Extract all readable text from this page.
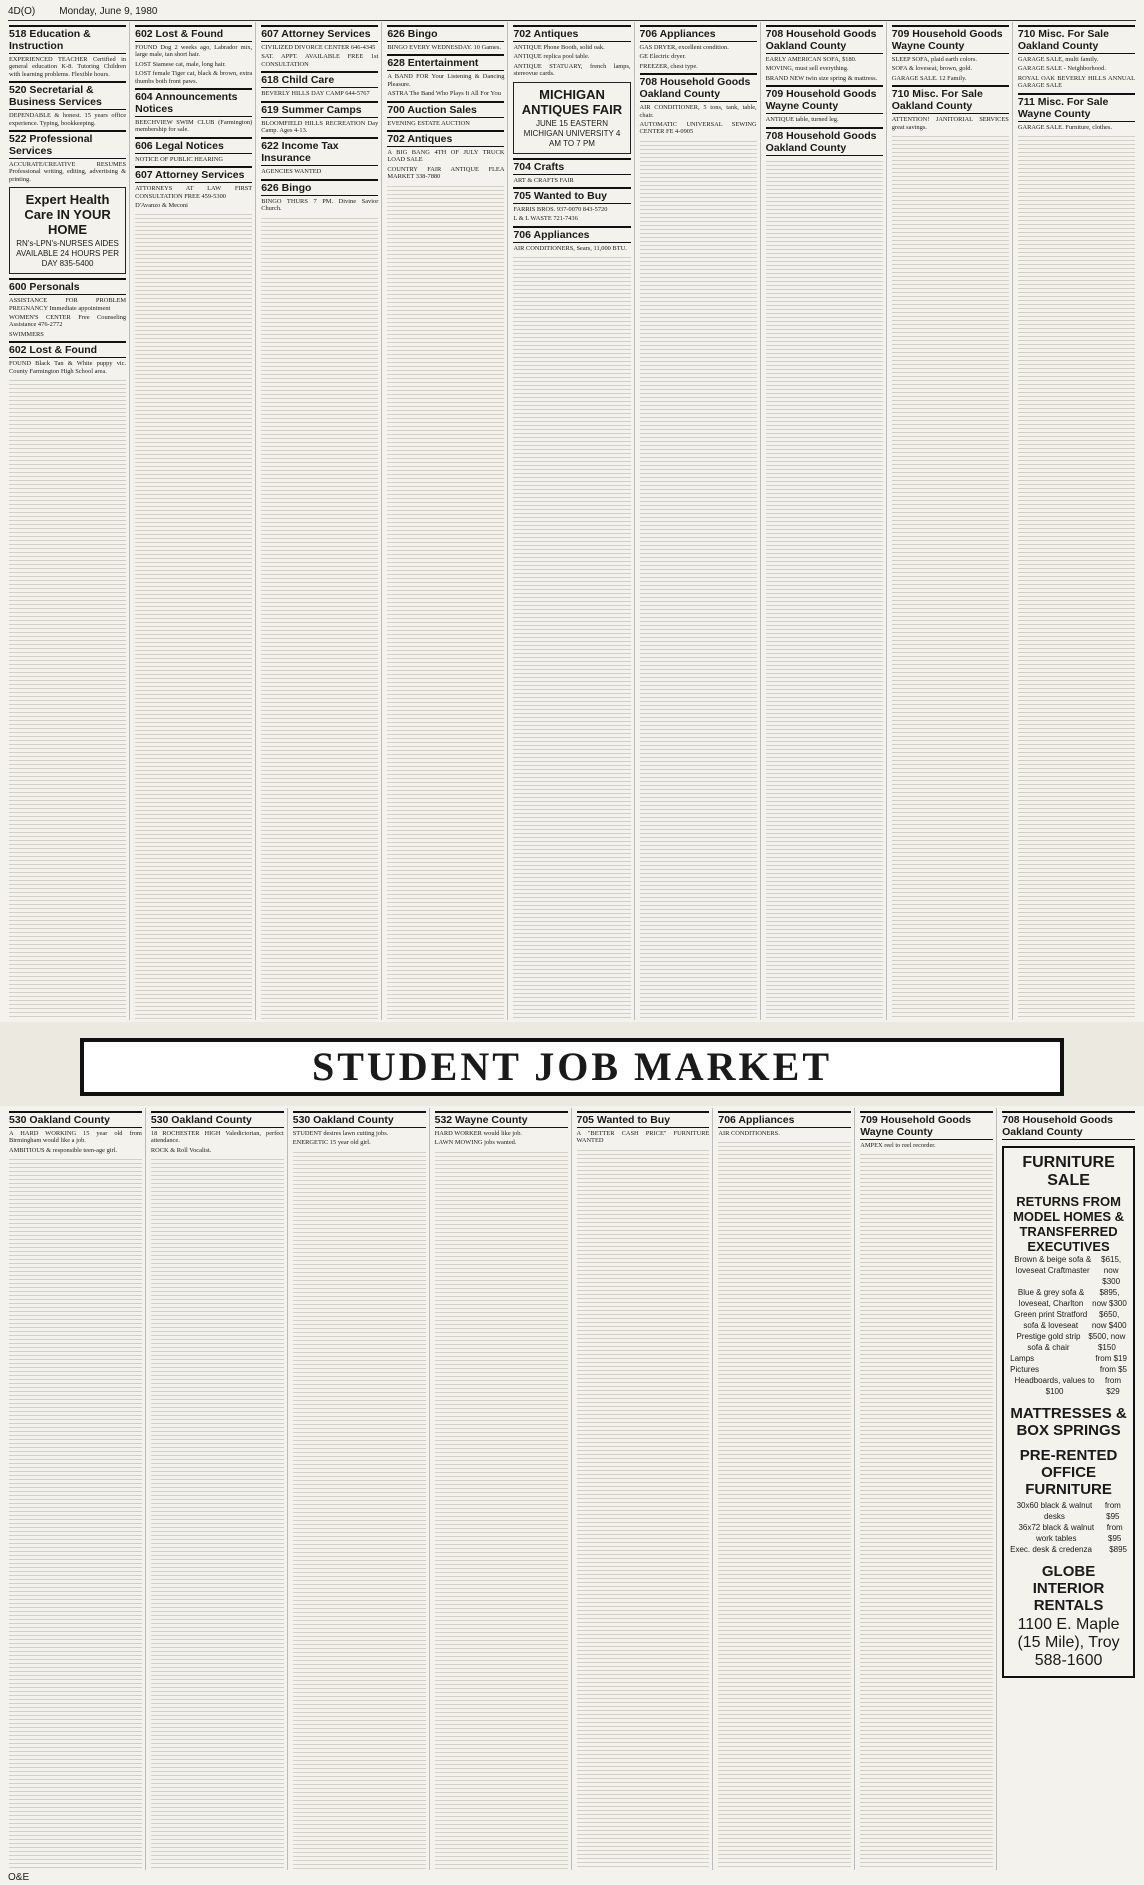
4D(O) Monday, June 9, 1980
518 Education & Instruction

EXPERIENCED TEACHER Certified in general education K-8. Tutoring Children with learning problems. Flexible hours.

520 Secretarial & Business Services

DEPENDABLE & honest. 15 years office experience. Typing, bookkeeping.

522 Professional Services

ACCURATE/CREATIVE RESUMES Professional writing, editing, advertising & printing.

Expert Health Care IN YOUR HOME
RN's-LPN's-NURSES AIDES AVAILABLE 24 HOURS PER DAY 835-5400
600 Personals

ASSISTANCE FOR PROBLEM PREGNANCY Immediate appointment

WOMEN'S CENTER Free Counseling Assistance 476-2772

SWIMMERS

602 Lost & Found

FOUND Black Tan & White puppy vic. County Farmington High School area.

602 Lost & Found

FOUND Dog 2 weeks ago, Labrador mix, large male, tan short hair.

LOST Siamese cat, male, long hair.

LOST female Tiger cat, black & brown, extra thumbs both front paws.

604 Announcements Notices

BEECHVIEW SWIM CLUB (Farmington) membership for sale.

606 Legal Notices

NOTICE OF PUBLIC HEARING

607 Attorney Services

ATTORNEYS AT LAW FIRST CONSULTATION FREE 459-5300

D'Avanzo & Meconi

607 Attorney Services

CIVILIZED DIVORCE CENTER 646-4345

SAT. APPT. AVAILABLE FREE 1st CONSULTATION

618 Child Care

BEVERLY HILLS DAY CAMP 644-5767

619 Summer Camps

BLOOMFIELD HILLS RECREATION Day Camp. Ages 4-13.

622 Income Tax Insurance

AGENCIES WANTED

626 Bingo

BINGO THURS 7 PM. Divine Savior Church.

626 Bingo

BINGO EVERY WEDNESDAY. 10 Games.

628 Entertainment

A BAND FOR Your Listening & Dancing Pleasure.

ASTRA The Band Who Plays It All For You

700 Auction Sales

EVENING ESTATE AUCTION

702 Antiques

A BIG BANG 4TH OF JULY TRUCK LOAD SALE

COUNTRY FAIR ANTIQUE FLEA MARKET 338-7880

702 Antiques

ANTIQUE Phone Booth, solid oak.

ANTIQUE replica pool table.

ANTIQUE STATUARY, french lamps, stereovue cards.

MICHIGAN ANTIQUES FAIR
JUNE 15 EASTERN MICHIGAN UNIVERSITY 4 AM TO 7 PM
704 Crafts

ART & CRAFTS FAIR

705 Wanted to Buy

FARRIS BROS. 937-0070 843-5720

L & L WASTE 721-7436

706 Appliances

AIR CONDITIONERS, Sears, 11,000 BTU.

706 Appliances

GAS DRYER, excellent condition.

GE Electric dryer.

FREEZER, chest type.

708 Household Goods Oakland County

AIR CONDITIONER, 5 tons, tank, table, chair.

AUTOMATIC UNIVERSAL SEWING CENTER FE 4-0905

708 Household Goods Oakland County

EARLY AMERICAN SOFA, $180.

MOVING, must sell everything.

BRAND NEW twin size spring & mattress.

709 Household Goods Wayne County

ANTIQUE table, turned leg.

708 Household Goods Oakland County
709 Household Goods Wayne County

SLEEP SOFA, plaid earth colors.

SOFA & loveseat, brown, gold.

GARAGE SALE. 12 Family.

710 Misc. For Sale Oakland County

ATTENTION! JANITORIAL SERVICES great savings.

710 Misc. For Sale Oakland County

GARAGE SALE, multi family.

GARAGE SALE - Neighborhood.

ROYAL OAK BEVERLY HILLS ANNUAL GARAGE SALE

711 Misc. For Sale Wayne County

GARAGE SALE. Furniture, clothes.

STUDENT JOB MARKET
530 Oakland County

A HARD WORKING 15 year old from Birmingham would like a job.

AMBITIOUS & responsible teen-age girl.

530 Oakland County

18 ROCHESTER HIGH Valedictorian, perfect attendance.

ROCK & Roll Vocalist.

530 Oakland County

STUDENT desires lawn cutting jobs.

ENERGETIC 15 year old girl.

532 Wayne County

HARD WORKER would like job.

LAWN MOWING jobs wanted.

705 Wanted to Buy

A "BETTER CASH PRICE" FURNITURE WANTED

706 Appliances

AIR CONDITIONERS.

709 Household Goods Wayne County

AMPEX reel to reel recorder.

708 Household Goods Oakland County
FURNITURE SALE
RETURNS FROM MODEL HOMES & TRANSFERRED EXECUTIVES
Brown & beige sofa & loveseat Craftmaster
$615, now $300
Blue & grey sofa & loveseat, Charlton
$895, now $300
Green print Stratford sofa & loveseat
$650, now $400
Prestige gold strip sofa & chair
$500, now $150
Lamps	from $19
Pictures	from $5
Headboards, values to $100
from $29
MATTRESSES & BOX SPRINGS
PRE-RENTED OFFICE FURNITURE
30x60 black & walnut desks
from $95
36x72 black & walnut work tables
from $95
Exec. desk & credenza $895
GLOBE INTERIOR RENTALS
1100 E. Maple (15 Mile), Troy
588-1600
O&E
